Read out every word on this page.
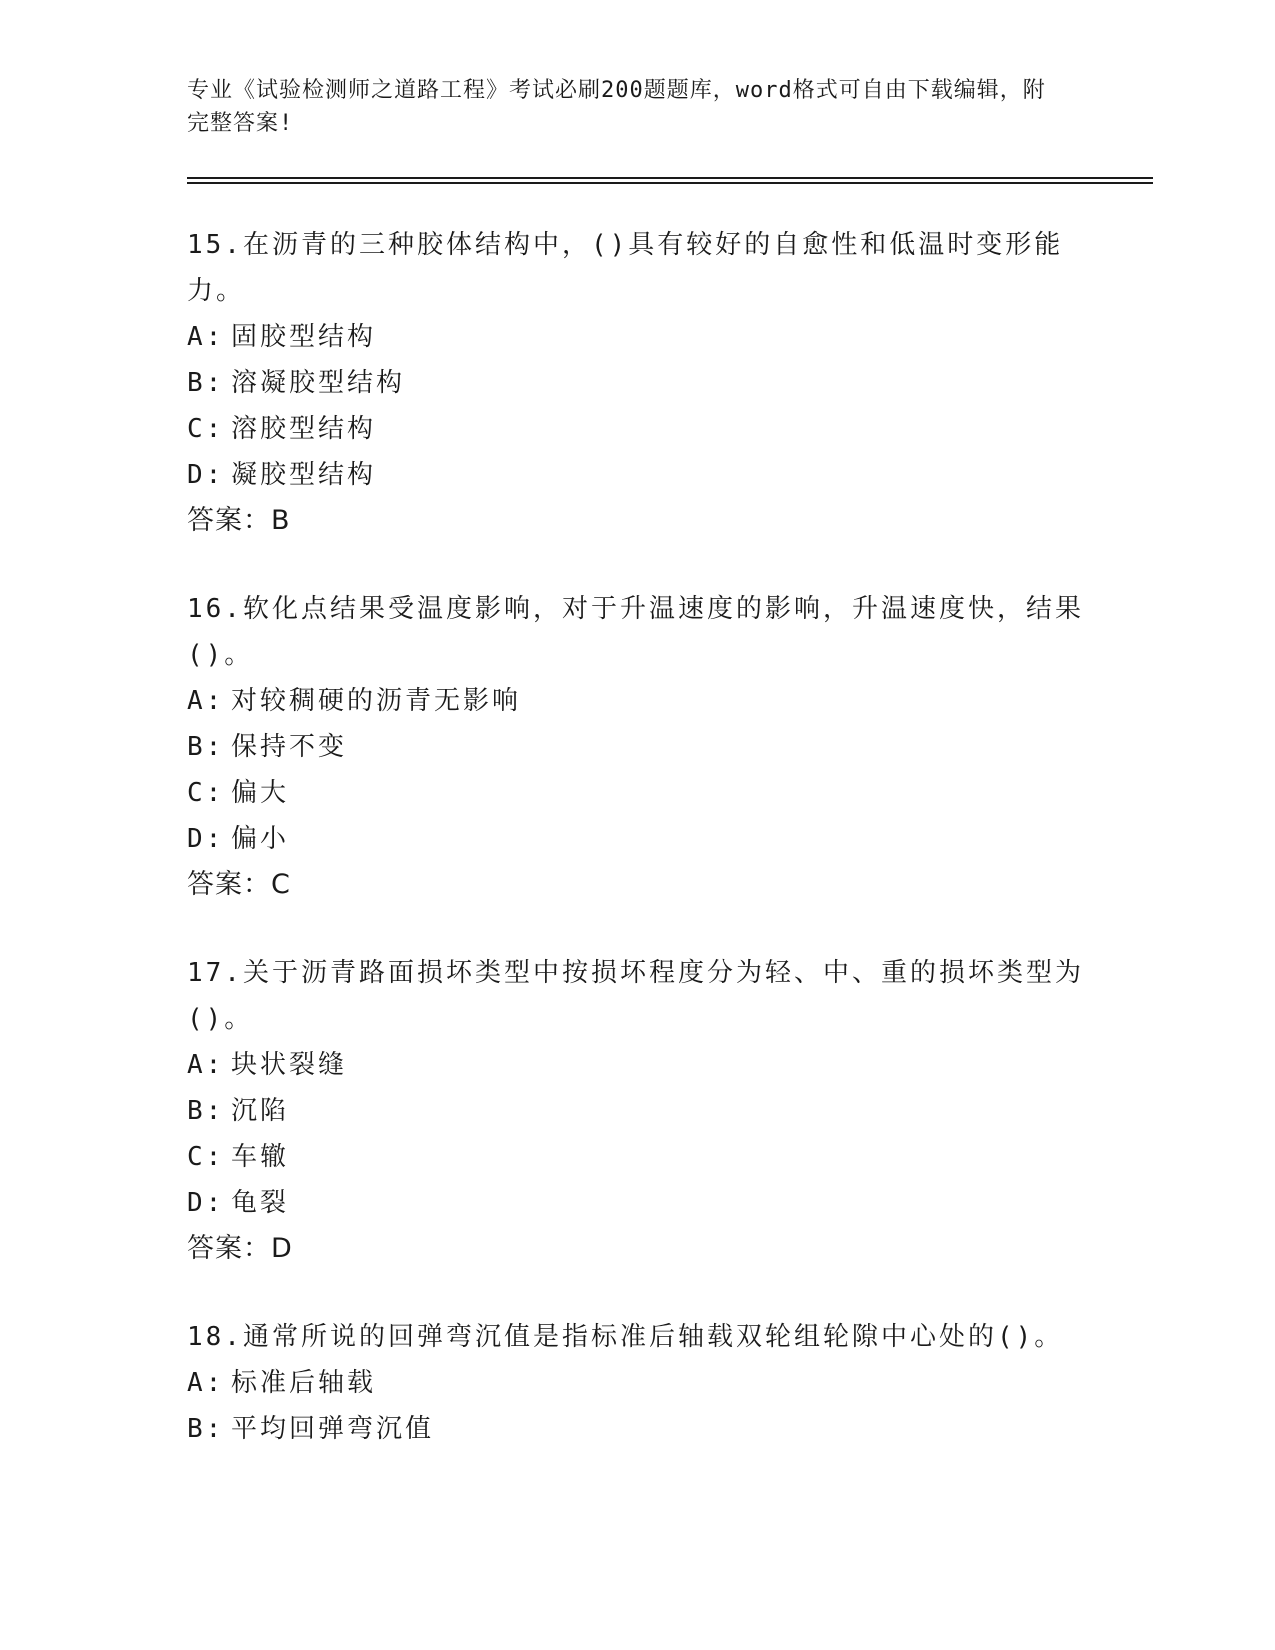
专业《试验检测师之道路工程》考试必刷200题题库，word格式可自由下载编辑，附完整答案!

15.在沥青的三种胶体结构中，()具有较好的自愈性和低温时变形能力。

A: 固胶型结构
B: 溶凝胶型结构
C: 溶胶型结构
D: 凝胶型结构
答案：B

16.软化点结果受温度影响，对于升温速度的影响，升温速度快，结果()。

A: 对较稠硬的沥青无影响
B: 保持不变
C: 偏大
D: 偏小
答案：C

17.关于沥青路面损坏类型中按损坏程度分为轻、中、重的损坏类型为()。

A: 块状裂缝
B: 沉陷
C: 车辙
D: 龟裂
答案：D

18.通常所说的回弹弯沉值是指标准后轴载双轮组轮隙中心处的()。

A: 标准后轴载
B: 平均回弹弯沉值
